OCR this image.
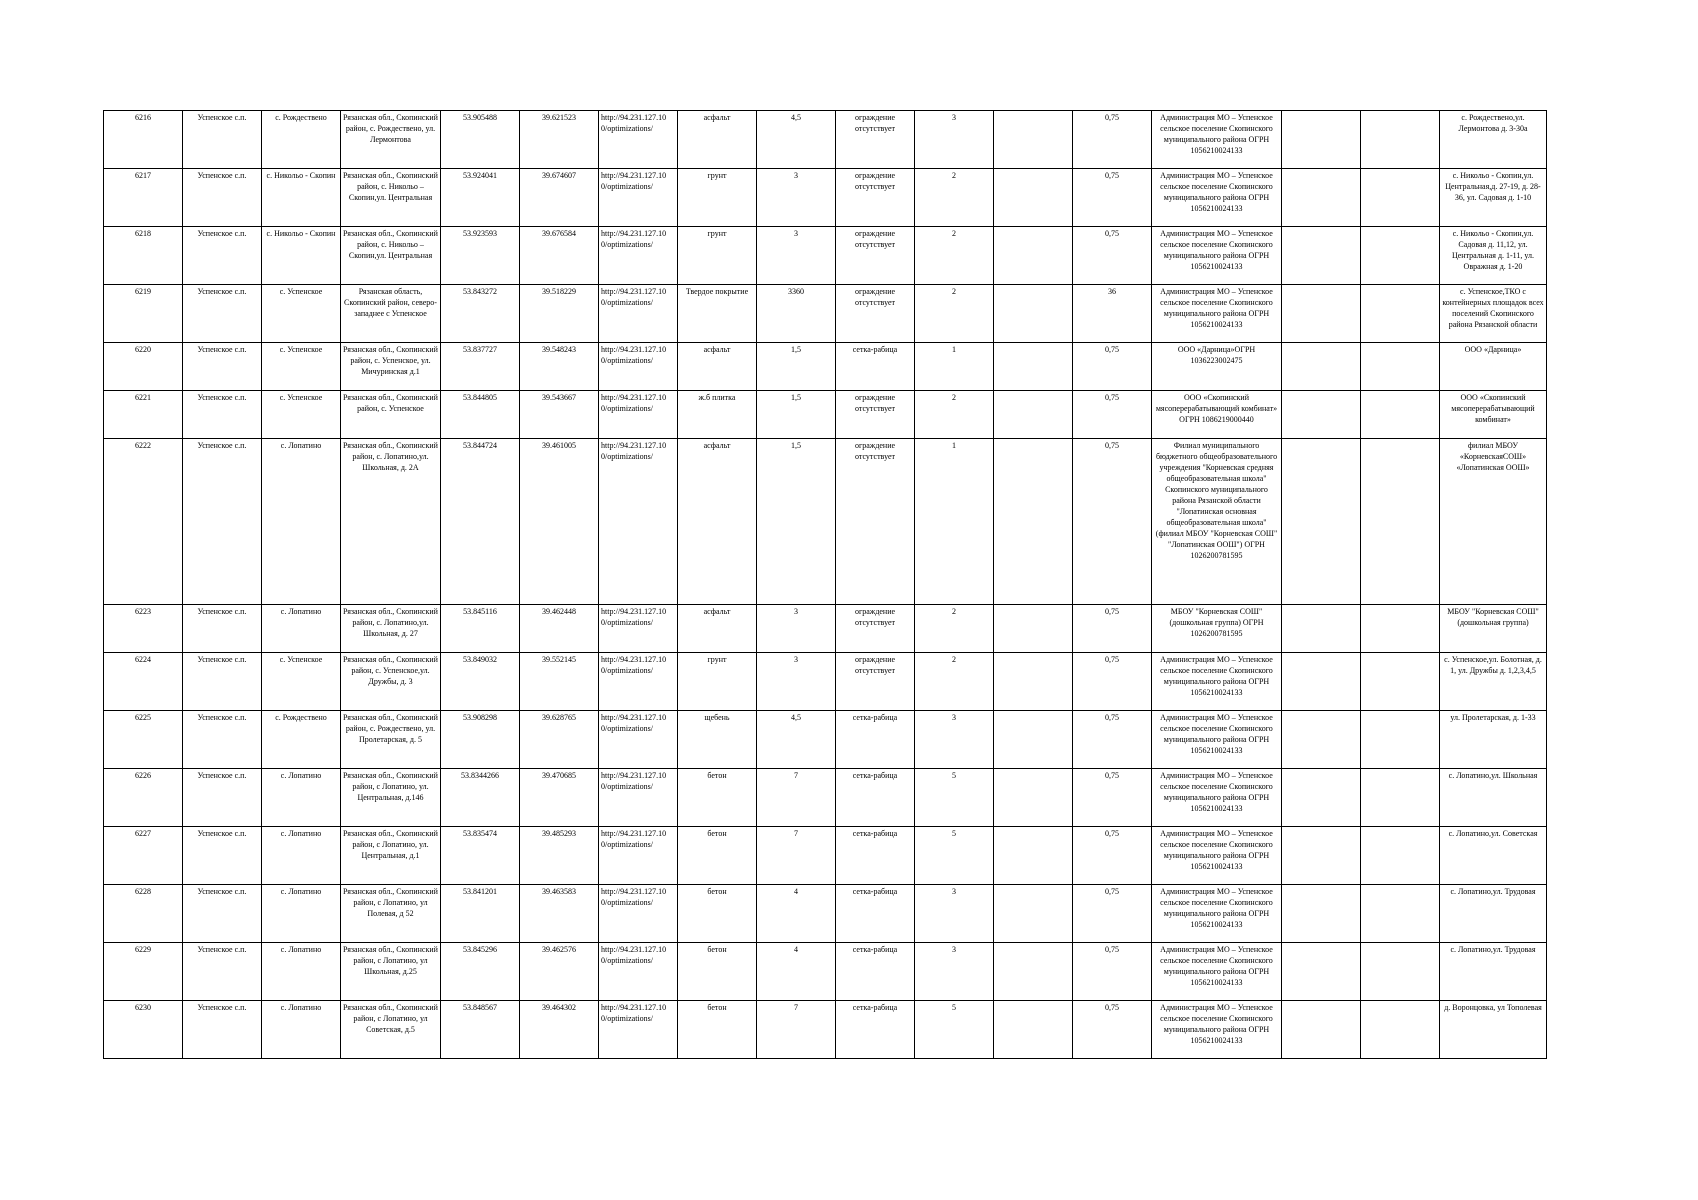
6216	Успенское с.п.	с. Рождествено	Рязанская обл., Скопинский район, с. Рождествено, ул. Лермонтова	53.905488	39.621523	http://94.231.127.10 0/optimizations/	асфальт	4,5	ограждение отсутствует	3		0,75	Администрация МО – Успенское сельское поселение Скопинского муниципального района ОГРН 1056210024133			с. Рождествено,ул. Лермонтова д. 3-30а
6217	Успенское с.п.	с. Никольо - Скопин	Рязанская обл., Скопинский район, с. Никольо – Скопин,ул. Центральная	53.924041	39.674607	http://94.231.127.10 0/optimizations/	грунт	3	ограждение отсутствует	2		0,75	Администрация МО – Успенское сельское поселение Скопинского муниципального района ОГРН 1056210024133			с. Никольо - Скопин,ул. Центральная,д. 27-19, д. 28-36, ул. Садовая д. 1-10
6218	Успенское с.п.	с. Никольо - Скопин	Рязанская обл., Скопинский район, с. Никольо – Скопин,ул. Центральная	53.923593	39.676584	http://94.231.127.10 0/optimizations/	грунт	3	ограждение отсутствует	2		0,75	Администрация МО – Успенское сельское поселение Скопинского муниципального района ОГРН 1056210024133			с. Никольо - Скопин,ул. Садовая д. 11,12, ул. Центральная д. 1-11, ул. Овражная д. 1-20
6219	Успенское с.п.	с. Успенское	Рязанская область, Скопинский район, северо-западнее с Успенское	53.843272	39.518229	http://94.231.127.10 0/optimizations/	Твердое покрытие	3360	ограждение отсутствует	2		36	Администрация МО – Успенское сельское поселение Скопинского муниципального района ОГРН 1056210024133			с. Успенское,ТКО с контейнерных площадок всех поселений Скопинского района Рязанской области
6220	Успенское с.п.	с. Успенское	Рязанская обл., Скопинский район, с. Успенское, ул. Мичуринская д.1	53.837727	39.548243	http://94.231.127.10 0/optimizations/	асфальт	1,5	сетка-рабица	1		0,75	ООО «Дарница»ОГРН 1036223002475			ООО «Дарница»
6221	Успенское с.п.	с. Успенское	Рязанская обл., Скопинский район, с. Успенское	53.844805	39.543667	http://94.231.127.10 0/optimizations/	ж.б плитка	1,5	ограждение отсутствует	2		0,75	ООО «Скопинский мясоперерабатывающий комбинат» ОГРН 1086219000440			ООО «Скопинский мясоперерабатывающий комбинат»
6222	Успенское с.п.	с. Лопатино	Рязанская обл., Скопинский район, с. Лопатино,ул. Школьная, д. 2А	53.844724	39.461005	http://94.231.127.10 0/optimizations/	асфальт	1,5	ограждение отсутствует	1		0,75	Филиал муниципального бюджетного общеобразовательного учреждения "Корневская средняя общеобразовательная школа" Скопинского муниципального района Рязанской области "Лопатинская основная общеобразовательная школа" (филиал МБОУ "Корневская СОШ" "Лопатинская ООШ") ОГРН 1026200781595			филиал МБОУ «КорневскаяСОШ» «Лопатинская ООШ»
6223	Успенское с.п.	с. Лопатино	Рязанская обл., Скопинский район, с. Лопатино,ул. Школьная, д. 27	53.845116	39.462448	http://94.231.127.10 0/optimizations/	асфальт	3	ограждение отсутствует	2		0,75	МБОУ "Корневская СОШ" (дошкольная группа) ОГРН 1026200781595			МБОУ "Корневская СОШ" (дошкольная группа)
6224	Успенское с.п.	с. Успенское	Рязанская обл., Скопинский район, с. Успенское,ул. Дружбы, д. 3	53.849032	39.552145	http://94.231.127.10 0/optimizations/	грунт	3	ограждение отсутствует	2		0,75	Администрация МО – Успенское сельское поселение Скопинского муниципального района ОГРН 1056210024133			с. Успенское,ул. Болотная, д. 1, ул. Дружбы д. 1,2,3,4,5
6225	Успенское с.п.	с. Рождествено	Рязанская обл., Скопинский район, с. Рождествено, ул. Пролетарская, д. 5	53.908298	39.628765	http://94.231.127.10 0/optimizations/	щебень	4,5	сетка-рабица	3		0,75	Администрация МО – Успенское сельское поселение Скопинского муниципального района ОГРН 1056210024133			ул. Пролетарская, д. 1-33
6226	Успенское с.п.	с. Лопатино	Рязанская обл., Скопинский район, с Лопатино, ул. Центральная, д.146	53.8344266	39.470685	http://94.231.127.10 0/optimizations/	бетон	7	сетка-рабица	5		0,75	Администрация МО – Успенское сельское поселение Скопинского муниципального района ОГРН 1056210024133			с. Лопатино,ул. Школьная
6227	Успенское с.п.	с. Лопатино	Рязанская обл., Скопинский район, с Лопатино, ул. Центральная, д.1	53.835474	39.485293	http://94.231.127.10 0/optimizations/	бетон	7	сетка-рабица	5		0,75	Администрация МО – Успенское сельское поселение Скопинского муниципального района ОГРН 1056210024133			с. Лопатино,ул. Советская
6228	Успенское с.п.	с. Лопатино	Рязанская обл., Скопинский район, с Лопатино, ул Полевая, д 52	53.841201	39.463583	http://94.231.127.10 0/optimizations/	бетон	4	сетка-рабица	3		0,75	Администрация МО – Успенское сельское поселение Скопинского муниципального района ОГРН 1056210024133			с. Лопатино,ул. Трудовая
6229	Успенское с.п.	с. Лопатино	Рязанская обл., Скопинский район, с Лопатино, ул Школьная, д.25	53.845296	39.462576	http://94.231.127.10 0/optimizations/	бетон	4	сетка-рабица	3		0,75	Администрация МО – Успенское сельское поселение Скопинского муниципального района ОГРН 1056210024133			с. Лопатино,ул. Трудовая
6230	Успенское с.п.	с. Лопатино	Рязанская обл., Скопинский район, с Лопатино, ул Советская, д.5	53.848567	39.464302	http://94.231.127.10 0/optimizations/	бетон	7	сетка-рабица	5		0,75	Администрация МО – Успенское сельское поселение Скопинского муниципального района ОГРН 1056210024133			д. Воронцовка, ул Тополевая
